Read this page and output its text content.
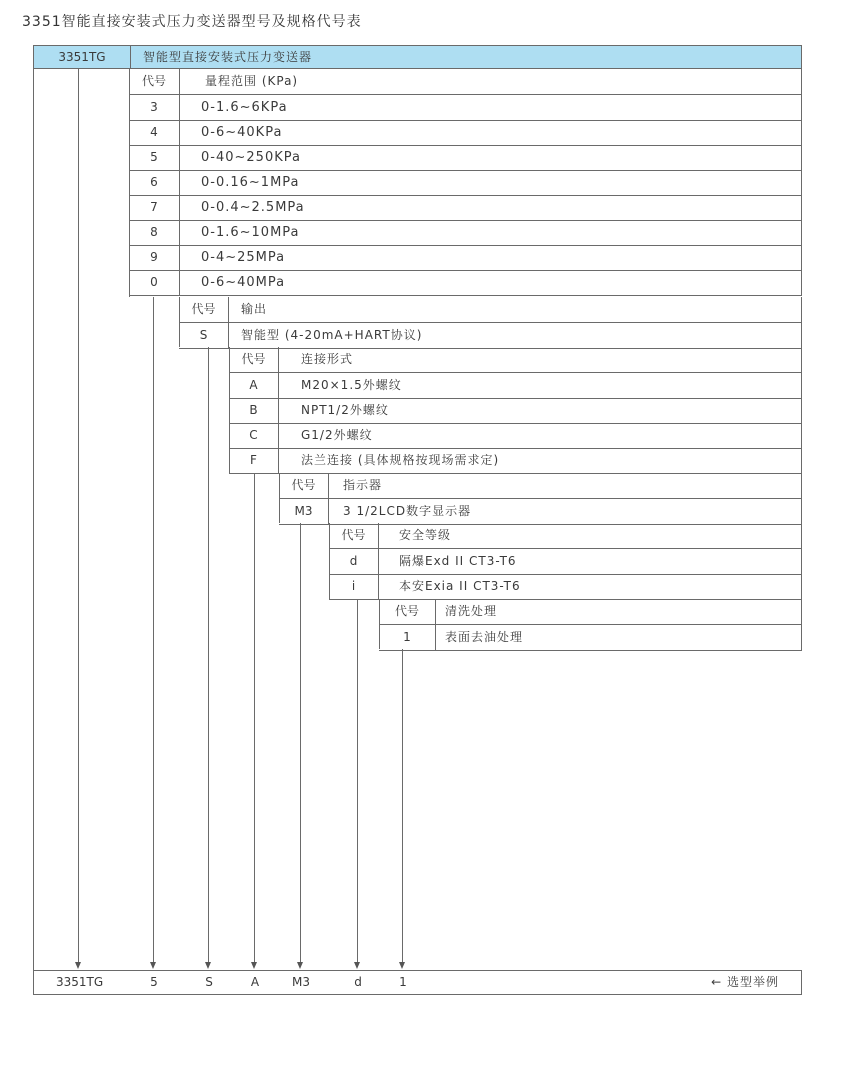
3351智能直接安装式压力变送器型号及规格代号表
3351TG	智能型直接安装式压力变送器
代号	量程范围 (KPa)
3	0-1.6~6KPa
4	0-6~40KPa
5	0-40~250KPa
6	0-0.16~1MPa
7	0-0.4~2.5MPa
8	0-1.6~10MPa
9	0-4~25MPa
0	0-6~40MPa
代号	输出
S	智能型 (4-20mA+HART协议)
代号	连接形式
A	M20×1.5外螺纹
B	NPT1/2外螺纹
C	G1/2外螺纹
F	法兰连接 (具体规格按现场需求定)
代号	指示器
M3	3 1/2LCD数字显示器
代号	安全等级
d	隔爆Exd II CT3-T6
i	本安Exia II CT3-T6
代号	清洗处理
1	表面去油处理
3351TG	5	S	A	M3	d	1	← 选型举例
